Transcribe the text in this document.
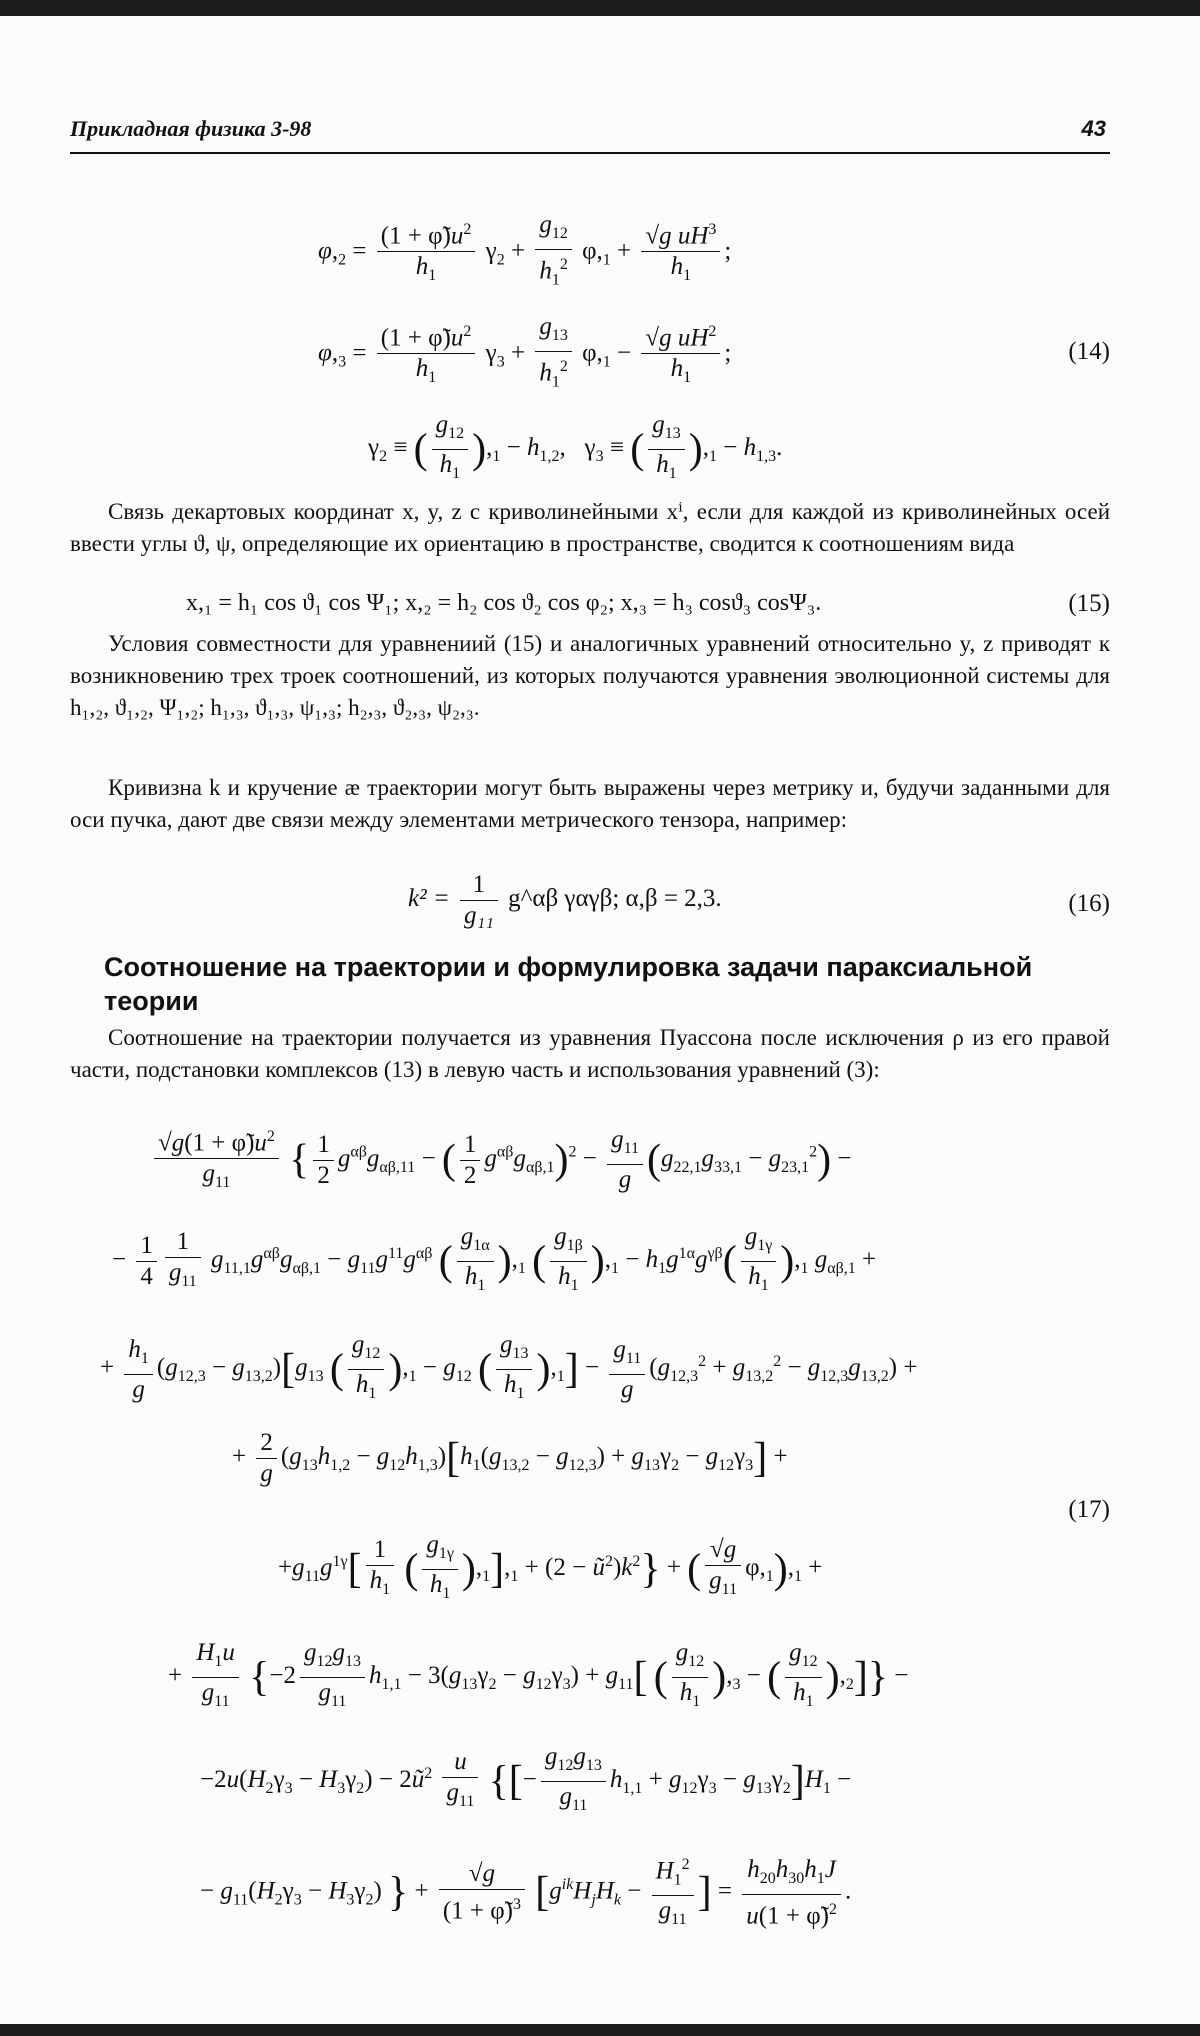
Прикладная физика 3-98	43
$\varphi,_2 = \frac{(1 + \varphĩ)u^2}{h_1} \gamma_2 + \frac{g_{12}}{h_1^2} \varphi,_1 + \frac{√g uH^3}{h_1}$ ;
$\varphi,_3 = \frac{(1 + \varphĩ)u^2}{h_1} \gamma_3 + \frac{g_{13}}{h_1^2} \varphi,_1 - \frac{√g uH^2}{h_1}$ ;	(14)
$\gamma_2$ ≡ ( $\frac{g_{12}}{h_1} ),_1 - h_{1,2}$,   $\gamma_3$ ≡ ( $\frac{g_{13}}{h_1} ),_1 - h_{1,3}$.

Связь декартовых координат x, y, z с криволинейными xⁱ, если для каждой из криволинейных осей ввести углы ϑ, ψ, определяющие их ориентацию в пространстве, сводится к соотношениям вида

x,₁ = h₁ cos ϑ₁ cos Ψ₁; x,₂ = h₂ cos ϑ₂ cos φ₂; x,₃ = h₃ cosϑ₃ cosΨ₃.	(15)

Условия совместности для уравнениий (15) и аналогичных уравнений относительно y, z приводят к возникновению трех троек соотношений, из которых получаются уравнения эволюционной системы для h₁,₂, ϑ₁,₂, Ψ₁,₂; h₁,₃, ϑ₁,₃, ψ₁,₃; h₂,₃, ϑ₂,₃, ψ₂,₃.

Кривизна k и кручение æ траектории могут быть выражены через метрику и, будучи заданными для оси пучка, дают две связи между элементами метрического тензора, например:

$k^2 = \frac{1}{\text{g₁₁}}$ g^αβ γαγβ; α,β = 2,3.	(16)
Соотношение на траектории и формулировка задачи параксиальной теории

Соотношение на траектории получается из уравнения Пуассона после исключения ρ из его правой части, подстановки комплексов (13) в левую часть и использования уравнений (3):

$\frac{√g(1 + \varphĩ)u^2}{g_{11}}$ { $\frac{1}{2} g^{\alpha\beta}g_{\alpha\beta,11}$ − ( $\frac{1}{2} g^{\alpha\beta}g_{\alpha\beta,1})^2 - \frac{g_{11}}{g} (g_{22,1}g_{33,1} - g_{23,1}^2)$ −
− $\frac{1}{4} \frac{1}{g_{11}} g_{11,1}g^{\alpha\beta}g_{\alpha\beta,1} - g_{11}g^{11}g^{\alpha\beta}$ ( $\frac{g_{1\alpha}}{h_1} ),_1$ ( $\frac{g_{1\beta}}{h_1} ),_1 - h_1g^{1\alpha}g^{\gamma\beta}( \frac{g_{1\gamma}}{h_1} ),_1$ $g_{\alpha\beta,1}$ +
+ $\frac{h_1}{g} (g_{12,3} - g_{13,2})[g_{13}$ ( $\frac{g_{12}}{h_1} ),_1 - g_{12}$ ( $\frac{g_{13}}{h_1} ),_1] - \frac{g_{11}}{g} (g_{12,3}^2 + g_{13,2}^2 - g_{12,3}g_{13,2})$ +
+ $\frac{2}{g} (g_{13}h_{1,2} - g_{12}h_{1,3})[h_1(g_{13,2} - g_{12,3}) + g_{13}\gamma_2 - g_{12}\gamma_3]$ +
(17)
$+g_{11}g^{1\gamma}[ \frac{1}{h_1}$ ( $\frac{g_{1\gamma}}{h_1} ),_1],_1 + (2$ − $ũ^2)k^2$} + ( $\frac{√g}{g_{11}} \varphi,_1),_1$ +
+ $\frac{H_1u}{g_{11}} \{-2 \frac{g_{12}g_{13}}{g_{11}} h_{1,1} - 3(g_{13}\gamma_2 - g_{12}\gamma_3) + g_{11}$[ ( $\frac{g_{12}}{h_1} ),_3$ − ( $\frac{g_{12}}{h_1} ),_2$]} −
$-2u(H_2\gamma_3 - H_3\gamma_2)$ − $2ũ^2 \frac{u}{g_{11}}$ {[− $\frac{g_{12}g_{13}}{g_{11}} h_{1,1} + g_{12}\gamma_3 - g_{13}\gamma_2]H_1$ −
− $g_{11}(H_2\gamma_3 - H_3\gamma_2)$ } + $\frac{√g}{(1 + \varphĩ)^3} [g^{ik}H_jH_k - \frac{H_1^2}{g_{11}}$ ] = $\frac{h_{20}h_{30}h_1J}{u(1 + \varphĩ)^2}$ .
